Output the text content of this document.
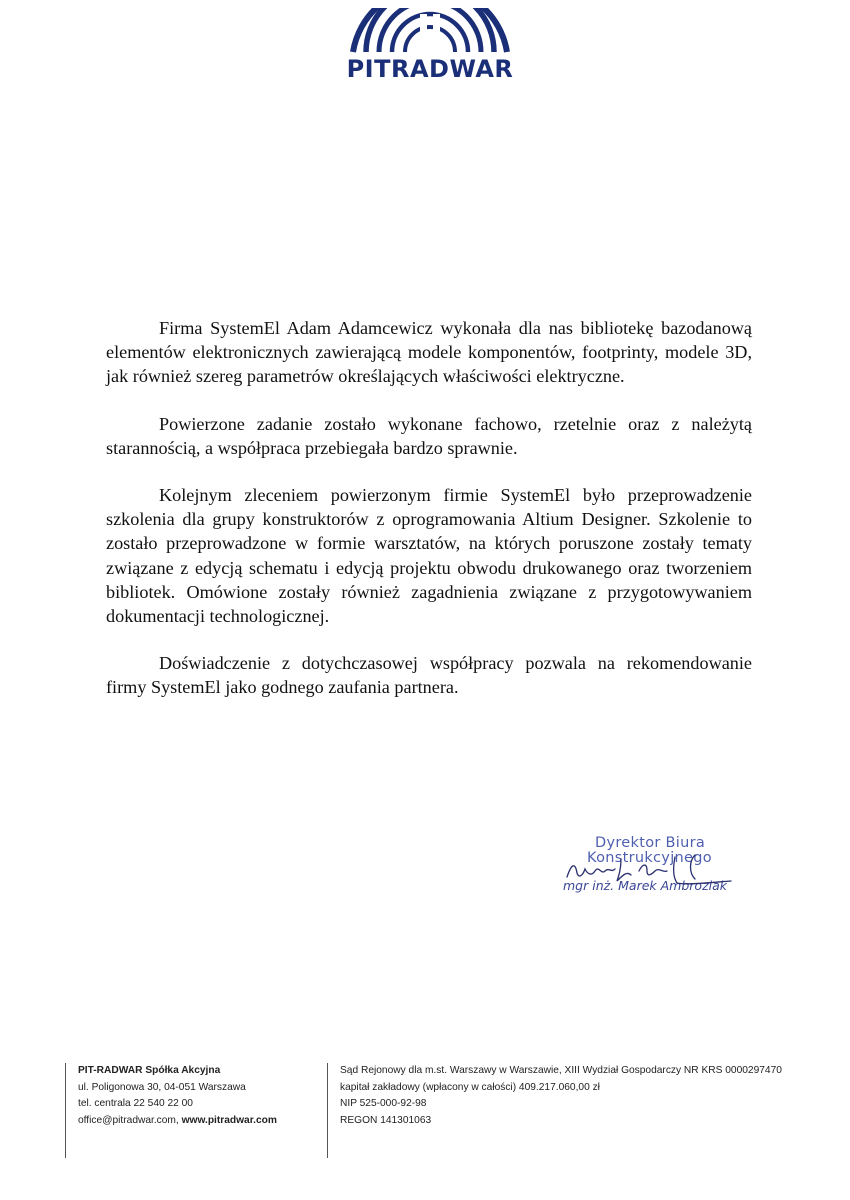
PITRADWAR

Firma SystemEl Adam Adamcewicz wykonała dla nas bibliotekę bazodanową elementów elektronicznych zawierającą modele komponentów, footprinty, modele 3D, jak również szereg parametrów określających właściwości elektryczne.

Powierzone zadanie zostało wykonane fachowo, rzetelnie oraz z należytą starannością, a współpraca przebiegała bardzo sprawnie.

Kolejnym zleceniem powierzonym firmie SystemEl było przeprowadzenie szkolenia dla grupy konstruktorów z oprogramowania Altium Designer. Szkolenie to zostało przeprowadzone w formie warsztatów, na których poruszone zostały tematy związane z edycją schematu i edycją projektu obwodu drukowanego oraz tworzeniem bibliotek. Omówione zostały również zagadnienia związane z przygotowywaniem dokumentacji technologicznej.

Doświadczenie z dotychczasowej współpracy pozwala na rekomendowanie firmy SystemEl jako godnego zaufania partnera.

Dyrektor Biura
Konstrukcyjnego
mgr inż. Marek Ambroziak
PIT-RADWAR Spółka Akcyjna
ul. Poligonowa 30, 04-051 Warszawa
tel. centrala 22 540 22 00
office@pitradwar.com, www.pitradwar.com
Sąd Rejonowy dla m.st. Warszawy w Warszawie, XIII Wydział Gospodarczy NR KRS 0000297470
kapitał zakładowy (wpłacony w całości) 409.217.060,00 zł
NIP 525-000-92-98
REGON 141301063
